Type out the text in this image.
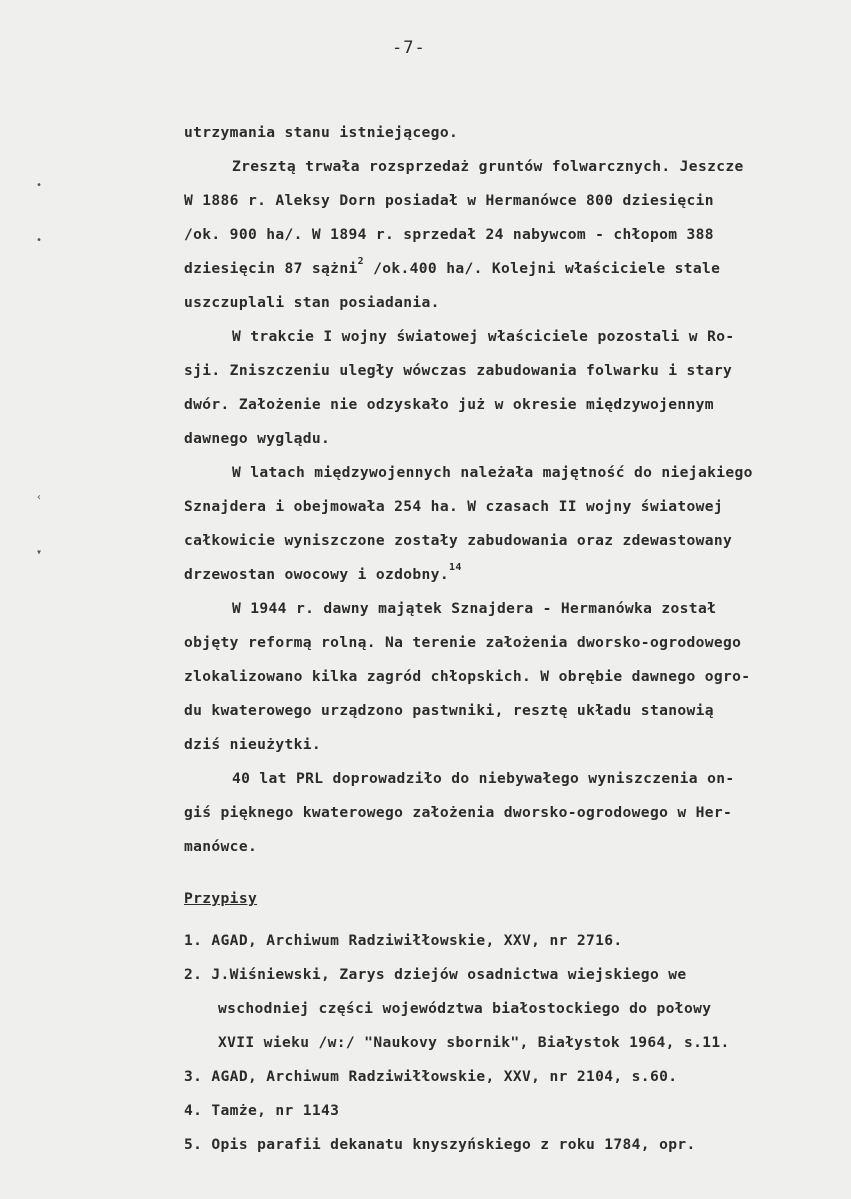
-7-
•
•
‹
▾
utrzymania stanu istniejącego.
Zresztą trwała rozsprzedaż gruntów folwarcznych. Jeszcze
W 1886 r. Aleksy Dorn posiadał w Hermanówce 800 dziesięcin
/ok. 900 ha/. W 1894 r. sprzedał 24 nabywcom - chłopom 388
dziesięcin 87 sążni$^2$ /ok.400 ha/. Kolejni właściciele stale
uszczuplali stan posiadania.
W trakcie I wojny światowej właściciele pozostali w Ro-
sji. Zniszczeniu uległy wówczas zabudowania folwarku i stary
dwór. Założenie nie odzyskało już w okresie międzywojennym
dawnego wyglądu.
W latach międzywojennych należała majętność do niejakiego
Sznajdera i obejmowała 254 ha. W czasach II wojny światowej
całkowicie wyniszczone zostały zabudowania oraz zdewastowany
drzewostan owocowy i ozdobny.$^{14}$
W 1944 r. dawny majątek Sznajdera - Hermanówka został
objęty reformą rolną. Na terenie założenia dworsko-ogrodowego
zlokalizowano kilka zagród chłopskich. W obrębie dawnego ogro-
du kwaterowego urządzono pastwniki, resztę układu stanowią
dziś nieużytki.
40 lat PRL doprowadziło do niebywałego wyniszczenia on-
giś pięknego kwaterowego założenia dworsko-ogrodowego w Her-
manówce.
Przypisy
1. AGAD, Archiwum Radziwiłłowskie, XXV, nr 2716.
2. J.Wiśniewski, Zarys dziejów osadnictwa wiejskiego we
wschodniej części województwa białostockiego do połowy
XVII wieku /w:/ "Naukovy sbornik", Białystok 1964, s.11.
3. AGAD, Archiwum Radziwiłłowskie, XXV, nr 2104, s.60.
4. Tamże, nr 1143
5. Opis parafii dekanatu knyszyńskiego z roku 1784, opr.
